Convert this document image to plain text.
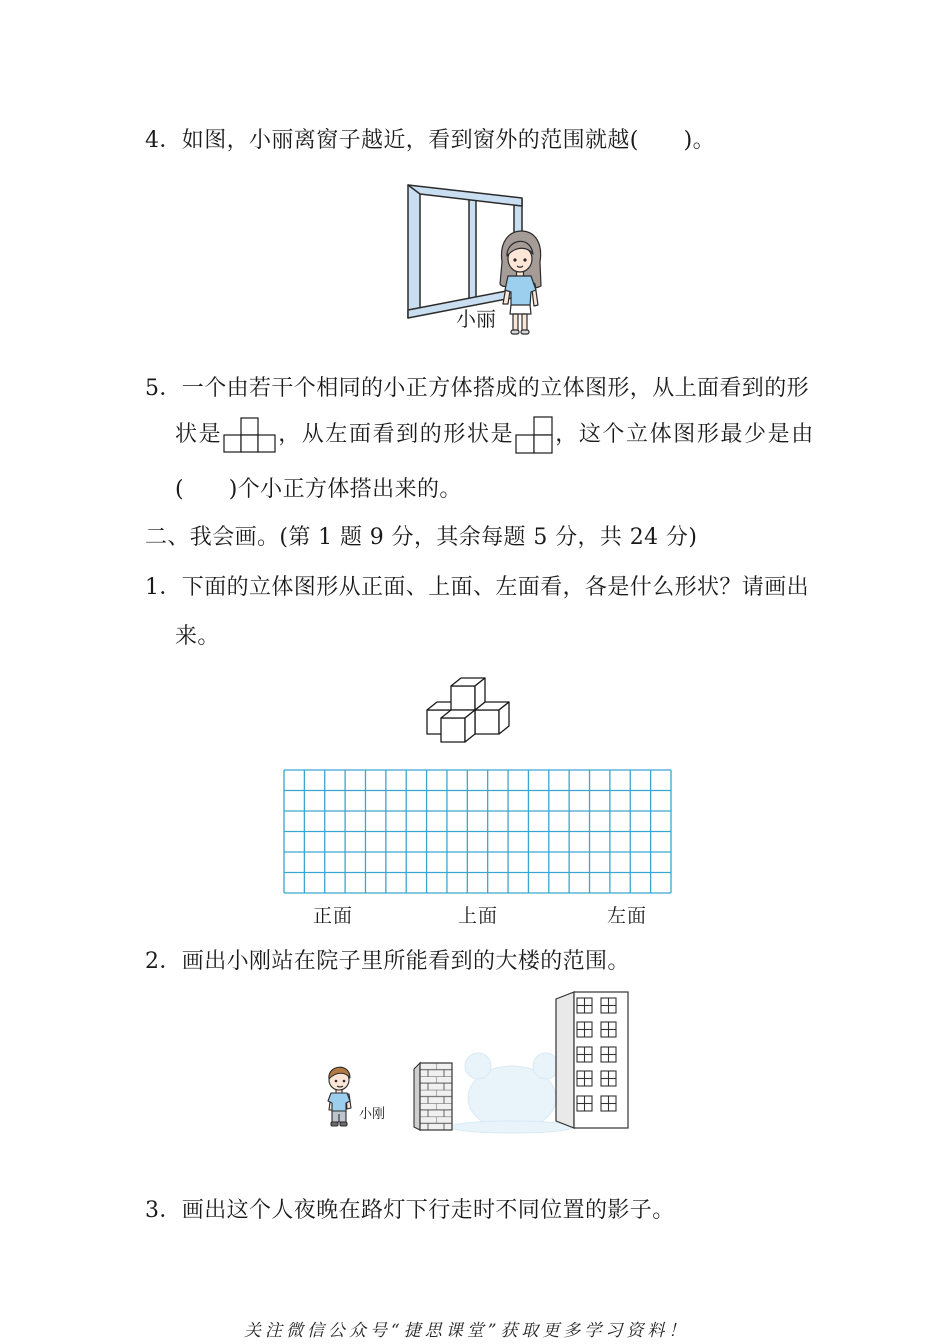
4．如图，小丽离窗子越近，看到窗外的范围就越(　　)。
小丽
5．一个由若干个相同的小正方体搭成的立体图形，从上面看到的形
状是	，从左面看到的形状是 ，这个立体图形最少是由
(　　)个小正方体搭出来的。
二、我会画。(第 1 题 9 分，其余每题 5 分，共 24 分)
1．下面的立体图形从正面、上面、左面看，各是什么形状？请画出
来。
正面	上面	左面
2．画出小刚站在院子里所能看到的大楼的范围。
小刚
3．画出这个人夜晚在路灯下行走时不同位置的影子。
关注微信公众号“捷思课堂”获取更多学习资料！
